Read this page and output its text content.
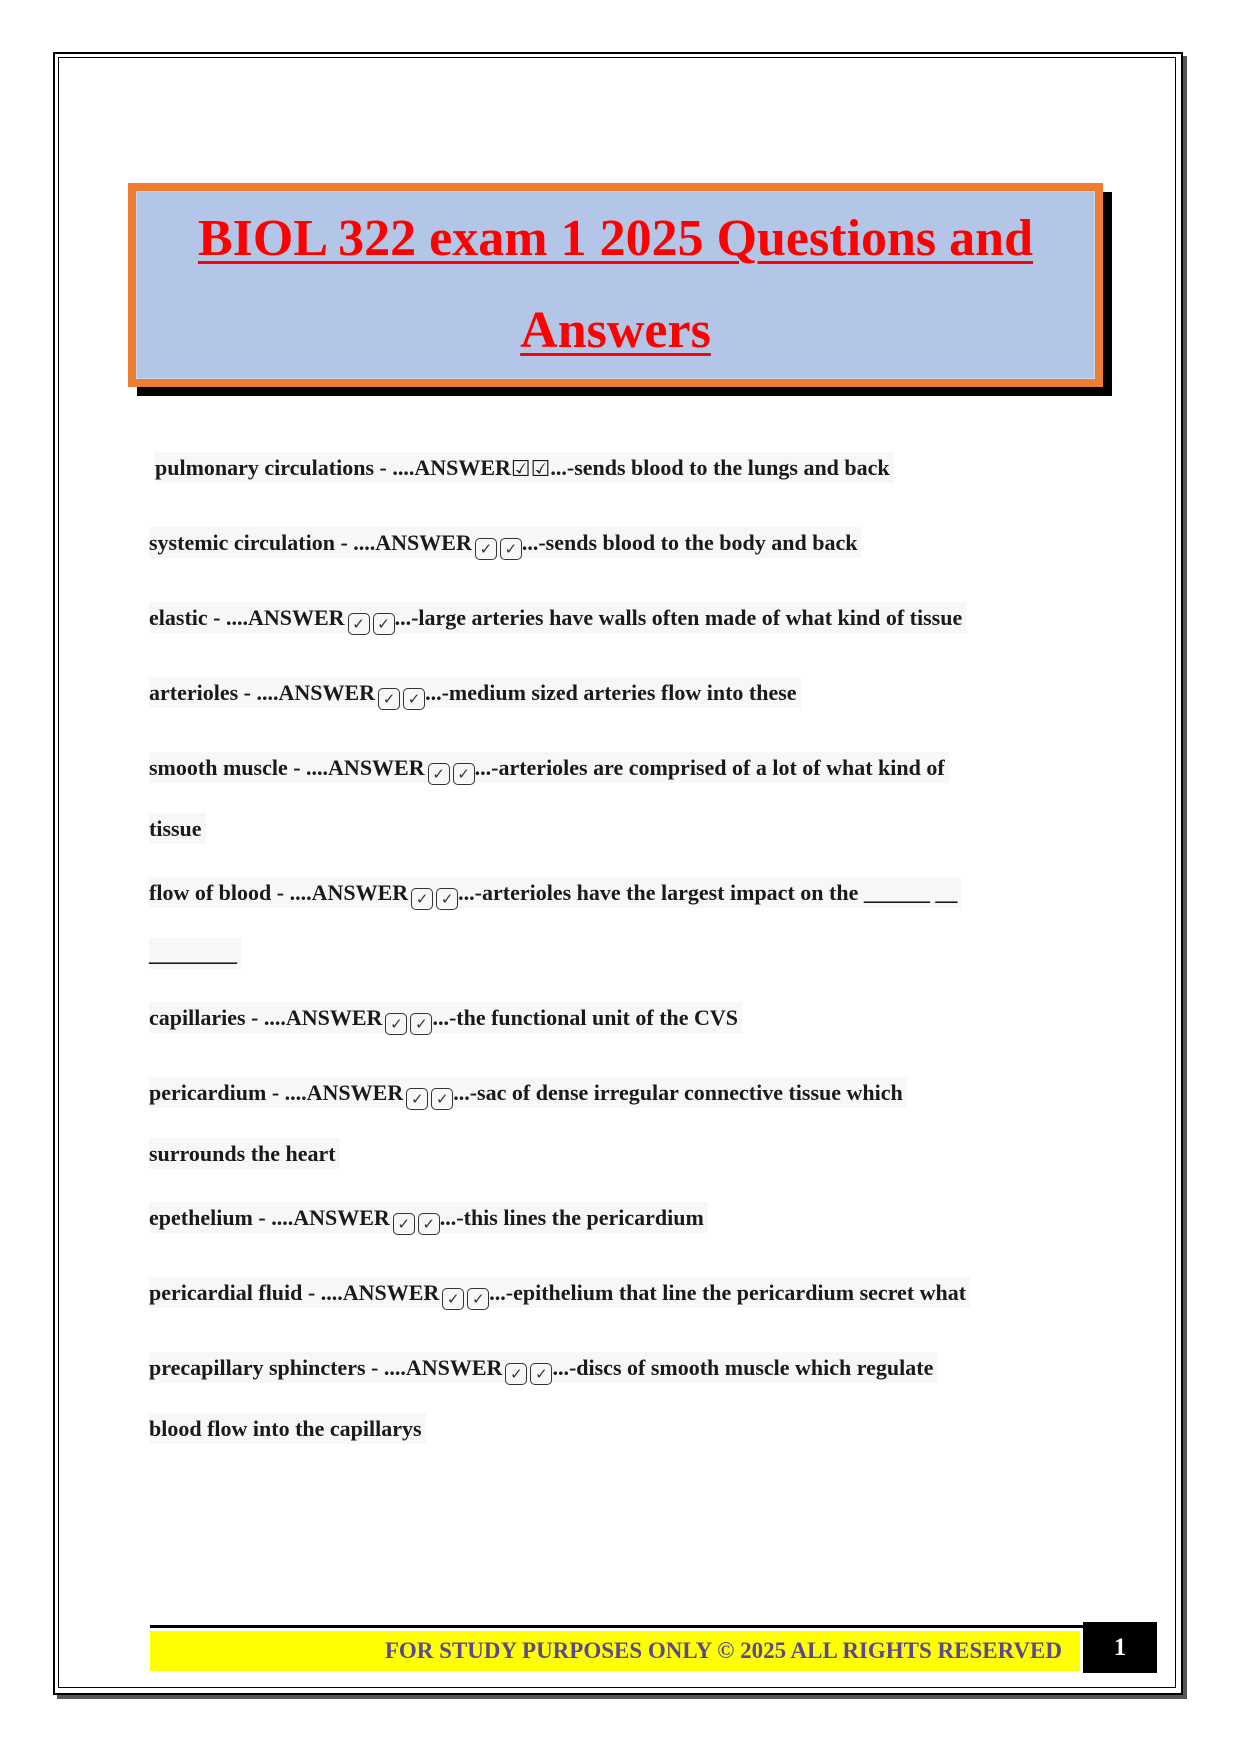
BIOL 322 exam 1 2025 Questions and Answers
pulmonary circulations - ....ANSWER☑☑...-sends blood to the lungs and back
systemic circulation - ....ANSWER ✓ ✓ ...-sends blood to the body and back
elastic - ....ANSWER ✓ ✓ ...-large arteries have walls often made of what kind of tissue
arterioles - ....ANSWER ✓ ✓ ...-medium sized arteries flow into these
smooth muscle - ....ANSWER ✓ ✓ ...-arterioles are comprised of a lot of what kind of
tissue
flow of blood - ....ANSWER ✓ ✓ ...-arterioles have the largest impact on the ______ __
________
capillaries - ....ANSWER ✓ ✓ ...-the functional unit of the CVS
pericardium - ....ANSWER ✓ ✓ ...-sac of dense irregular connective tissue which
surrounds the heart
epethelium - ....ANSWER ✓ ✓ ...-this lines the pericardium
pericardial fluid - ....ANSWER ✓ ✓ ...-epithelium that line the pericardium secret what
precapillary sphincters - ....ANSWER ✓ ✓ ...-discs of smooth muscle which regulate
blood flow into the capillarys
FOR STUDY PURPOSES ONLY © 2025 ALL RIGHTS RESERVED	1
